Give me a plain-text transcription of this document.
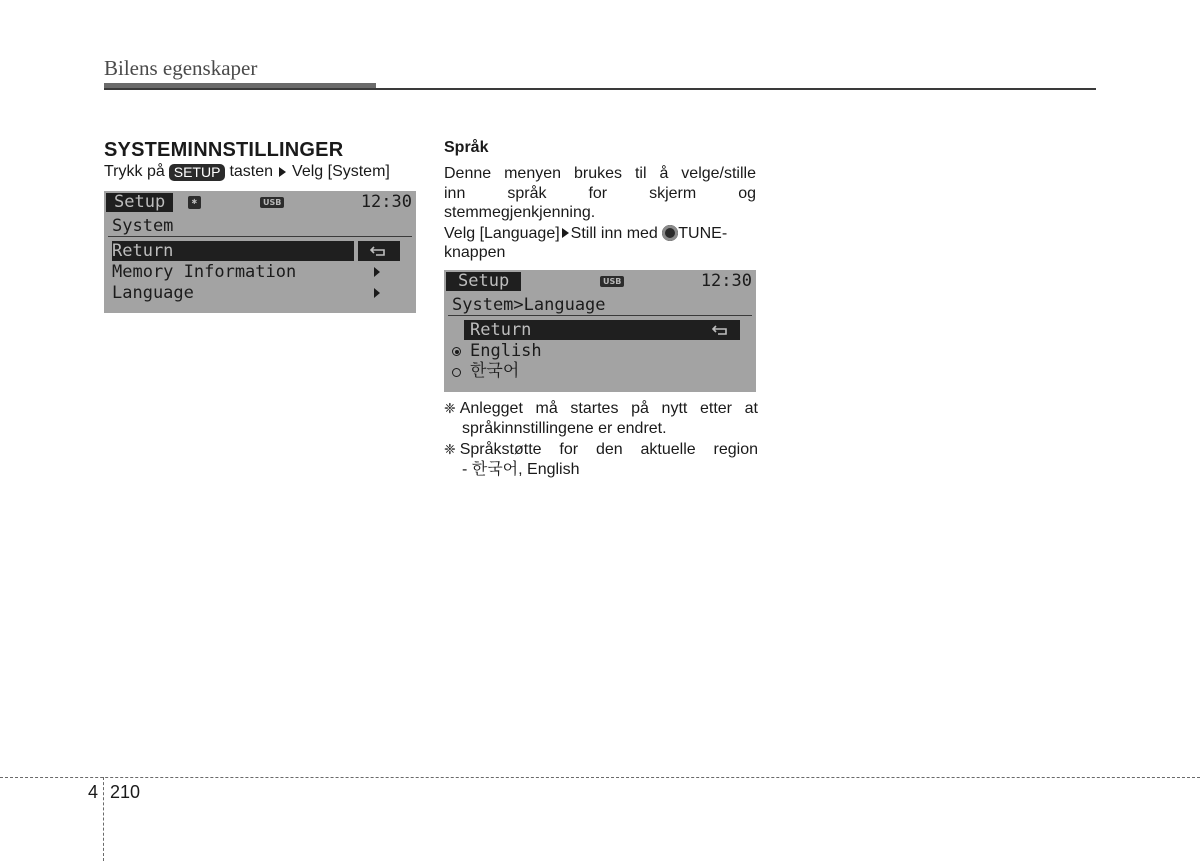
Bilens egenskaper
SYSTEMINNSTILLINGER
Trykk på SETUP tasten Velg [System]
Setup	✱	USB	12:30
System
Return
Memory Information
Language
Språk
Denne menyen brukes til å velge/stille
inn språk for skjerm og
stemmegjenkjenning.
Velg [Language] Still inn med TUNE-
knappen
Setup	USB	12:30
System>Language
Return
English
한국어
❈ Anlegget må startes på nytt etter at
språkinnstillingene er endret.
❈ Språkstøtte for den aktuelle region
- 한국어, English
4 210
